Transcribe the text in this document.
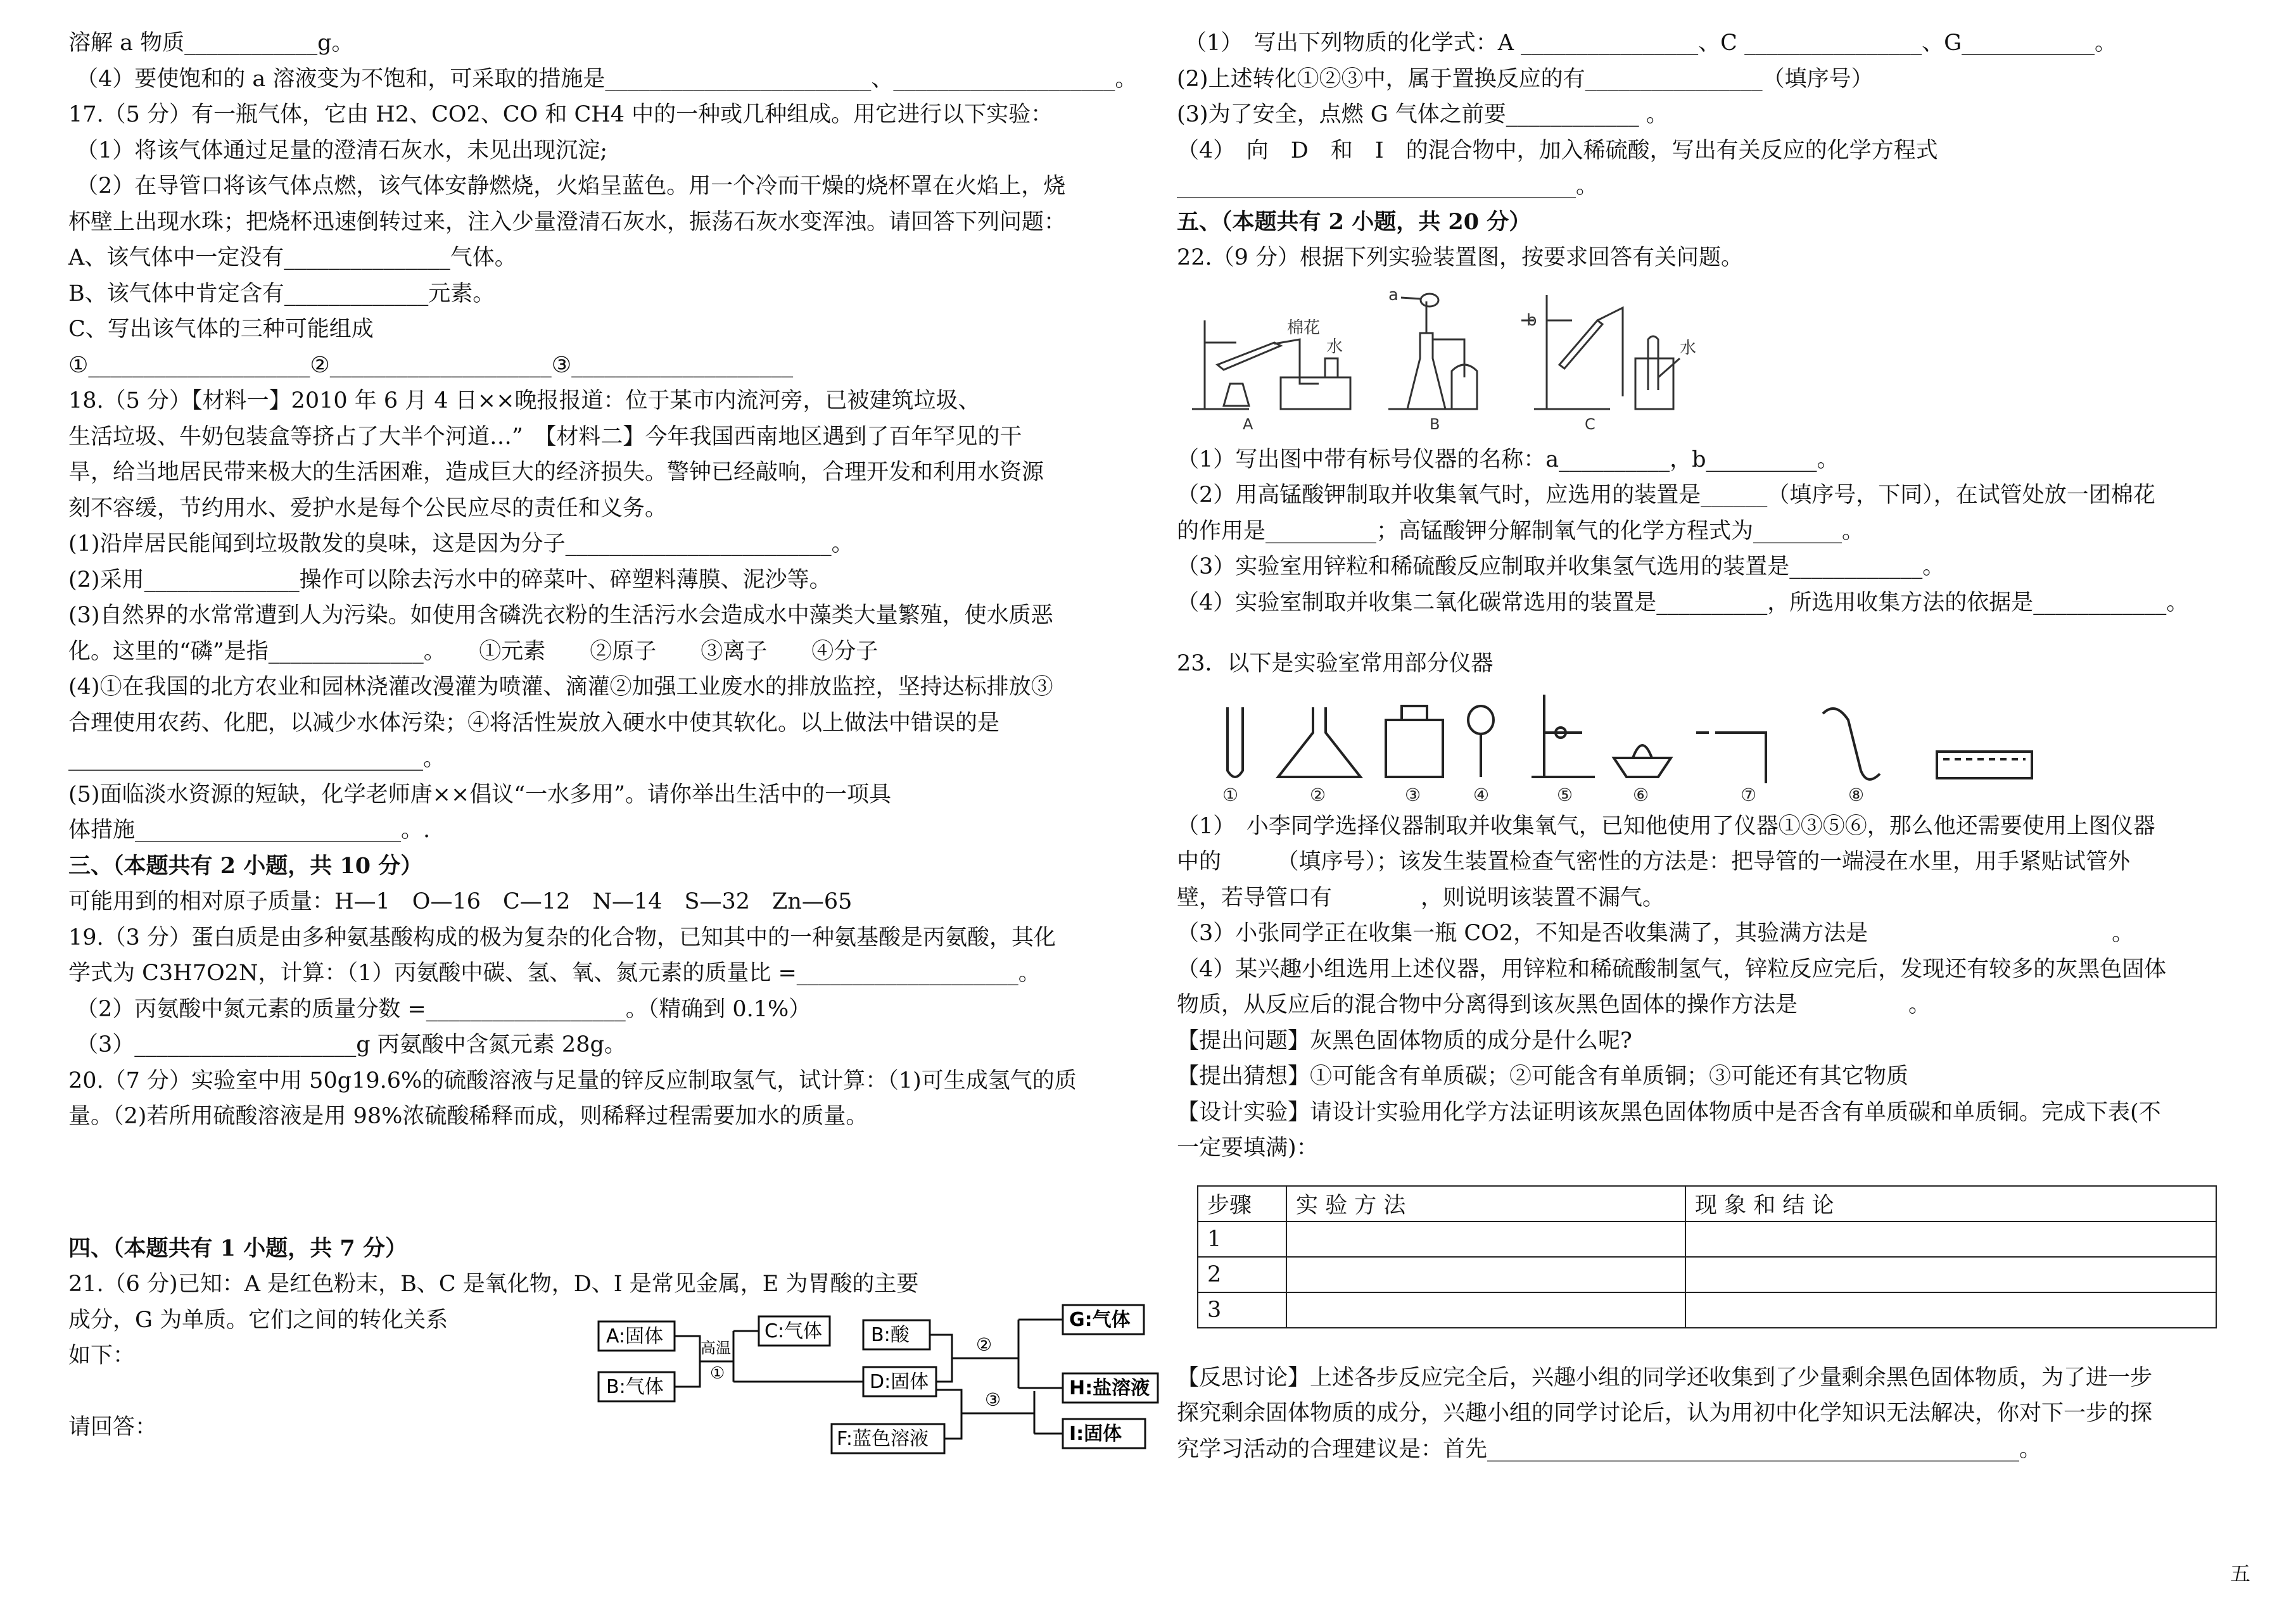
溶解 a 物质____________g。
（4）要使饱和的 a 溶液变为不饱和，可采取的措施是________________________、____________________。
17.（5 分）有一瓶气体，它由 H2、CO2、CO 和 CH4 中的一种或几种组成。用它进行以下实验：
（1）将该气体通过足量的澄清石灰水，未见出现沉淀;
（2）在导管口将该气体点燃，该气体安静燃烧，火焰呈蓝色。用一个冷而干燥的烧杯罩在火焰上，烧
杯壁上出现水珠；把烧杯迅速倒转过来，注入少量澄清石灰水，振荡石灰水变浑浊。请回答下列问题：
A、该气体中一定没有_______________气体。
B、该气体中肯定含有_____________元素。
C、写出该气体的三种可能组成
①____________________②____________________③____________________
18.（5 分）【材料一】2010 年 6 月 4 日××晚报报道：位于某市内流河旁，已被建筑垃圾、
生活垃圾、牛奶包装盒等挤占了大半个河道…”　【材料二】今年我国西南地区遇到了百年罕见的干
旱，给当地居民带来极大的生活困难，造成巨大的经济损失。警钟已经敲响，合理开发和利用水资源
刻不容缓，节约用水、爱护水是每个公民应尽的责任和义务。
(1)沿岸居民能闻到垃圾散发的臭味，这是因为分子________________________。
(2)采用______________操作可以除去污水中的碎菜叶、碎塑料薄膜、泥沙等。
(3)自然界的水常常遭到人为污染。如使用含磷洗衣粉的生活污水会造成水中藻类大量繁殖，使水质恶
化。这里的“磷”是指______________。　　①元素　　②原子　　③离子　　④分子
(4)①在我国的北方农业和园林浇灌改漫灌为喷灌、滴灌②加强工业废水的排放监控，坚持达标排放③
合理使用农药、化肥，以减少水体污染；④将活性炭放入硬水中使其软化。以上做法中错误的是
________________________________。
(5)面临淡水资源的短缺，化学老师唐××倡议“一水多用”。请你举出生活中的一项具
体措施________________________。.
三、（本题共有 2 小题，共 10 分）
可能用到的相对原子质量：H—1　O—16　C—12　N—14　S—32　Zn—65
19.（3 分）蛋白质是由多种氨基酸构成的极为复杂的化合物，已知其中的一种氨基酸是丙氨酸，其化
学式为 C3H7O2N，计算：（1）丙氨酸中碳、氢、氧、氮元素的质量比 =____________________。
（2）丙氨酸中氮元素的质量分数 =__________________。（精确到 0.1%）
（3）____________________g 丙氨酸中含氮元素 28g。
20.（7 分）实验室中用 50g19.6%的硫酸溶液与足量的锌反应制取氢气，试计算：（1)可生成氢气的质
量。（2)若所用硫酸溶液是用 98%浓硫酸稀释而成，则稀释过程需要加水的质量。
四、（本题共有 1 小题，共 7 分）
21.（6 分)已知：A 是红色粉末，B、C 是氧化物，D、I 是常见金属，E 为胃酸的主要
成分，G 为单质。它们之间的转化关系
如下：
请回答：
A:固体
B:气体
高温
①
C:气体	B:酸
D:固体
F:蓝色溶液
②
③
G:气体
H:盐溶液
I:固体
（1）　写出下列物质的化学式：A ________________、C ________________、G____________。
(2)上述转化①②③中，属于置换反应的有________________（填序号）
(3)为了安全，点燃 G 气体之前要____________ 。
（4）　向　D　和　I　的混合物中，加入稀硫酸，写出有关反应的化学方程式
____________________________________。
五、（本题共有 2 小题，共 20 分）
22.（9 分）根据下列实验装置图，按要求回答有关问题。
棉花
水
a
b
水
A	B	C
（1）写出图中带有标号仪器的名称：a__________，b__________。
（2）用高锰酸钾制取并收集氧气时，应选用的装置是______（填序号，下同），在试管处放一团棉花
的作用是__________；高锰酸钾分解制氧气的化学方程式为________。
（3）实验室用锌粒和稀硫酸反应制取并收集氢气选用的装置是____________。
（4）实验室制取并收集二氧化碳常选用的装置是__________，所选用收集方法的依据是____________。
23．以下是实验室常用部分仪器
①	②	③	④	⑤	⑥	⑦	⑧
（1）　小李同学选择仪器制取并收集氧气，已知他使用了仪器①③⑤⑥，那么他还需要使用上图仪器
中的　　　（填序号）；该发生装置检查气密性的方法是：把导管的一端浸在水里，用手紧贴试管外
壁，若导管口有　　　　，则说明该装置不漏气。
（3）小张同学正在收集一瓶 CO2，不知是否收集满了，其验满方法是　　　　　　　　　　　。
（4）某兴趣小组选用上述仪器，用锌粒和稀硫酸制氢气，锌粒反应完后，发现还有较多的灰黑色固体
物质，从反应后的混合物中分离得到该灰黑色固体的操作方法是　　　　　。
【提出问题】灰黑色固体物质的成分是什么呢?
【提出猜想】①可能含有单质碳；②可能含有单质铜；③可能还有其它物质
【设计实验】请设计实验用化学方法证明该灰黑色固体物质中是否含有单质碳和单质铜。完成下表(不
一定要填满)：
步骤	实 验 方 法	现 象 和 结 论
1		
2		
3		
【反思讨论】上述各步反应完全后，兴趣小组的同学还收集到了少量剩余黑色固体物质，为了进一步
探究剩余固体物质的成分，兴趣小组的同学讨论后，认为用初中化学知识无法解决，你对下一步的探
究学习活动的合理建议是：首先________________________________________________。
五
